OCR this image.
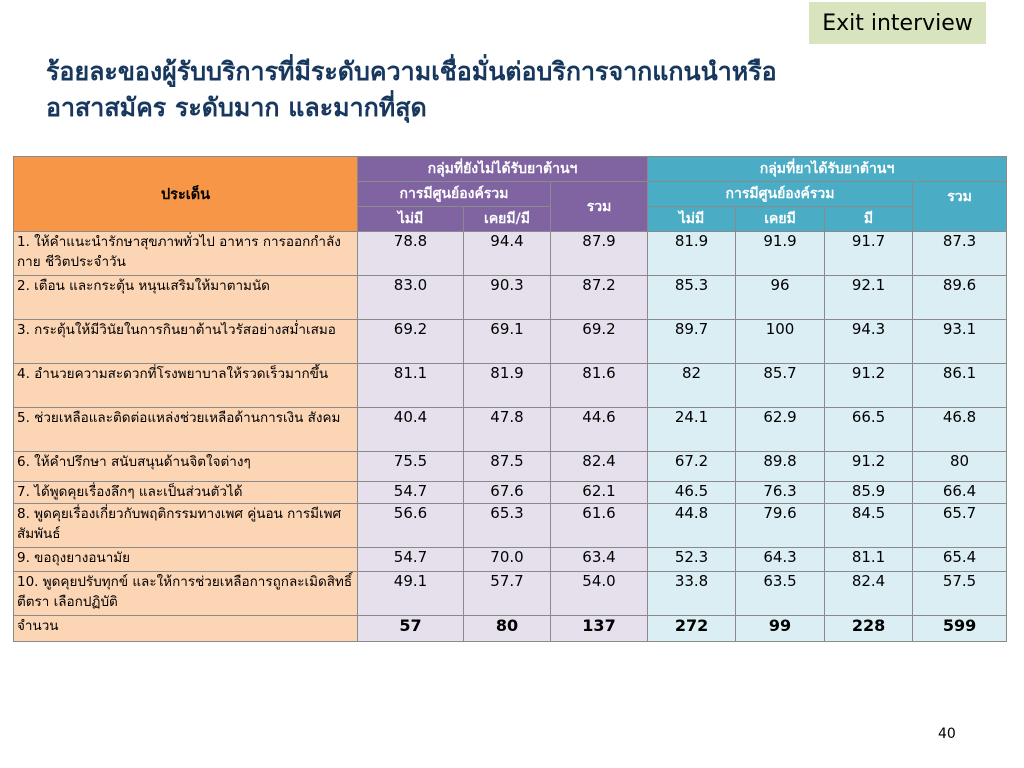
Exit interview
ร้อยละของผู้รับบริการที่มีระดับความเชื่อมั่นต่อบริการจากแกนนำหรือ
อาสาสมัคร ระดับมาก และมากที่สุด
ประเด็น	กลุ่มที่ยังไม่ได้รับยาต้านฯ			กลุ่มที่ยาได้รับยาต้านฯ			
	การมีศูนย์องค์รวม		รวม	การมีศูนย์องค์รวม			รวม
	ไม่มี	เคยมี/มี		ไม่มี	เคยมี	มี	
1. ให้คำแนะนำรักษาสุขภาพทั่วไป อาหาร การออกกำลังกาย ชีวิตประจำวัน	78.8	94.4	87.9	81.9	91.9	91.7	87.3
2. เตือน และกระตุ้น หนุนเสริมให้มาตามนัด	83.0	90.3	87.2	85.3	96	92.1	89.6
3. กระตุ้นให้มีวินัยในการกินยาต้านไวรัสอย่างสม่ำเสมอ	69.2	69.1	69.2	89.7	100	94.3	93.1
4. อำนวยความสะดวกที่โรงพยาบาลให้รวดเร็วมากขึ้น	81.1	81.9	81.6	82	85.7	91.2	86.1
5. ช่วยเหลือและติดต่อแหล่งช่วยเหลือด้านการเงิน สังคม	40.4	47.8	44.6	24.1	62.9	66.5	46.8
6. ให้คำปรึกษา สนับสนุนด้านจิตใจต่างๆ	75.5	87.5	82.4	67.2	89.8	91.2	80
7. ได้พูดคุยเรื่องลึกๆ และเป็นส่วนตัวได้	54.7	67.6	62.1	46.5	76.3	85.9	66.4
8. พูดคุยเรื่องเกี่ยวกับพฤติกรรมทางเพศ คู่นอน การมีเพศสัมพันธ์	56.6	65.3	61.6	44.8	79.6	84.5	65.7
9. ขอถุงยางอนามัย	54.7	70.0	63.4	52.3	64.3	81.1	65.4
10. พูดคุยปรับทุกข์ และให้การช่วยเหลือการถูกละเมิดสิทธิ์ ตีตรา เลือกปฏิบัติ	49.1	57.7	54.0	33.8	63.5	82.4	57.5
จำนวน	57	80	137	272	99	228	599
40
